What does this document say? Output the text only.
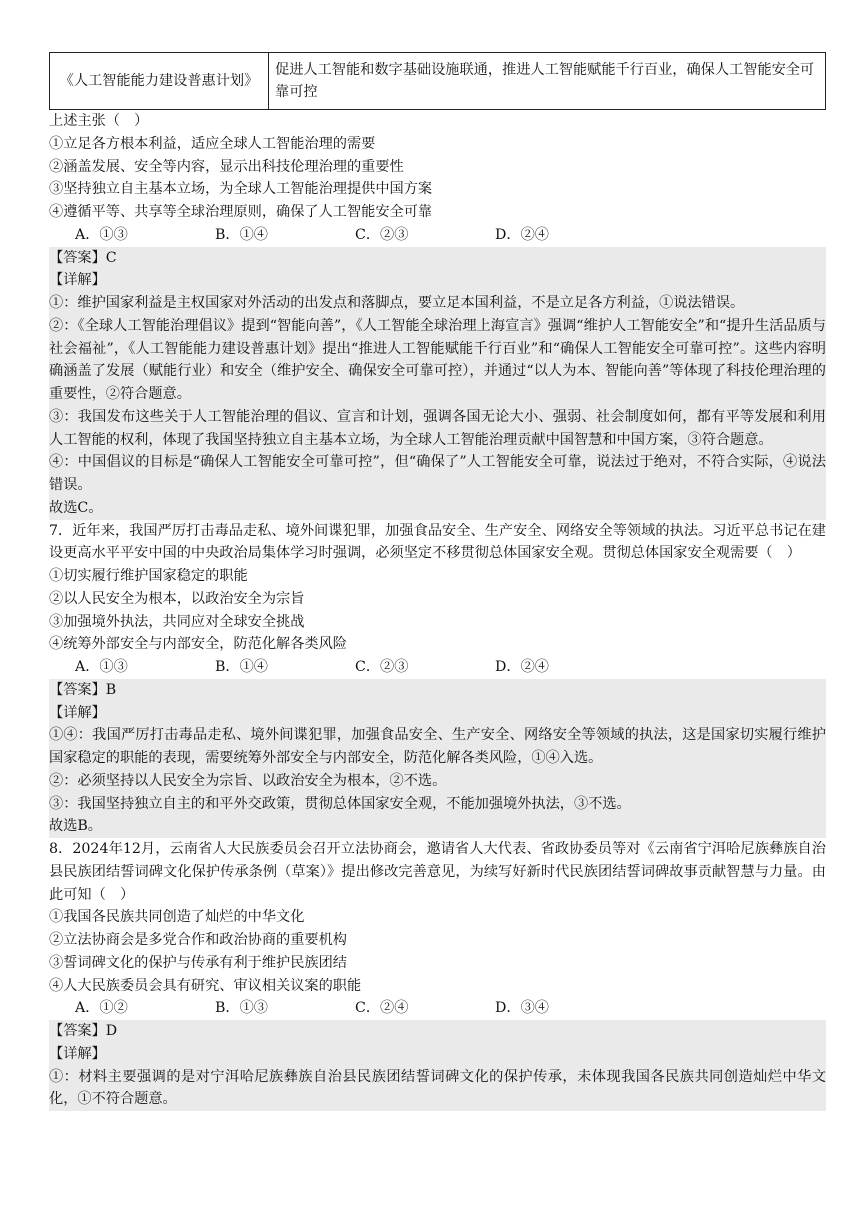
《人工智能能力建设普惠计划》	促进人工智能和数字基础设施联通，推进人工智能赋能千行百业，确保人工智能安全可靠可控
上述主张（　）
①立足各方根本利益，适应全球人工智能治理的需要
②涵盖发展、安全等内容，显示出科技伦理治理的重要性
③坚持独立自主基本立场，为全球人工智能治理提供中国方案
④遵循平等、共享等全球治理原则，确保了人工智能安全可靠
A．①③	B．①④	C．②③	D．②④
【答案】C
【详解】
①：维护国家利益是主权国家对外活动的出发点和落脚点，要立足本国利益，不是立足各方利益，①说法错误。
②：《全球人工智能治理倡议》提到“智能向善”，《人工智能全球治理上海宣言》强调“维护人工智能安全”和“提升生活品质与社会福祉”，《人工智能能力建设普惠计划》提出“推进人工智能赋能千行百业”和“确保人工智能安全可靠可控”。这些内容明确涵盖了发展（赋能行业）和安全（维护安全、确保安全可靠可控），并通过“以人为本、智能向善”等体现了科技伦理治理的重要性，②符合题意。
③：我国发布这些关于人工智能治理的倡议、宣言和计划，强调各国无论大小、强弱、社会制度如何，都有平等发展和利用人工智能的权利，体现了我国坚持独立自主基本立场，为全球人工智能治理贡献中国智慧和中国方案，③符合题意。
④：中国倡议的目标是“确保人工智能安全可靠可控”，但“确保了”人工智能安全可靠，说法过于绝对，不符合实际，④说法错误。
故选C。
7．近年来，我国严厉打击毒品走私、境外间谍犯罪，加强食品安全、生产安全、网络安全等领域的执法。习近平总书记在建设更高水平平安中国的中央政治局集体学习时强调，必须坚定不移贯彻总体国家安全观。贯彻总体国家安全观需要（　）
①切实履行维护国家稳定的职能
②以人民安全为根本，以政治安全为宗旨
③加强境外执法，共同应对全球安全挑战
④统筹外部安全与内部安全，防范化解各类风险
A．①③	B．①④	C．②③	D．②④
【答案】B
【详解】
①④：我国严厉打击毒品走私、境外间谍犯罪，加强食品安全、生产安全、网络安全等领域的执法，这是国家切实履行维护国家稳定的职能的表现，需要统筹外部安全与内部安全，防范化解各类风险，①④入选。
②：必须坚持以人民安全为宗旨、以政治安全为根本，②不选。
③：我国坚持独立自主的和平外交政策，贯彻总体国家安全观，不能加强境外执法，③不选。
故选B。
8．2024年12月，云南省人大民族委员会召开立法协商会，邀请省人大代表、省政协委员等对《云南省宁洱哈尼族彝族自治县民族团结誓词碑文化保护传承条例（草案）》提出修改完善意见，为续写好新时代民族团结誓词碑故事贡献智慧与力量。由此可知（　）
①我国各民族共同创造了灿烂的中华文化
②立法协商会是多党合作和政治协商的重要机构
③誓词碑文化的保护与传承有利于维护民族团结
④人大民族委员会具有研究、审议相关议案的职能
A．①②	B．①③	C．②④	D．③④
【答案】D
【详解】
①：材料主要强调的是对宁洱哈尼族彝族自治县民族团结誓词碑文化的保护传承，未体现我国各民族共同创造灿烂中华文化，①不符合题意。
